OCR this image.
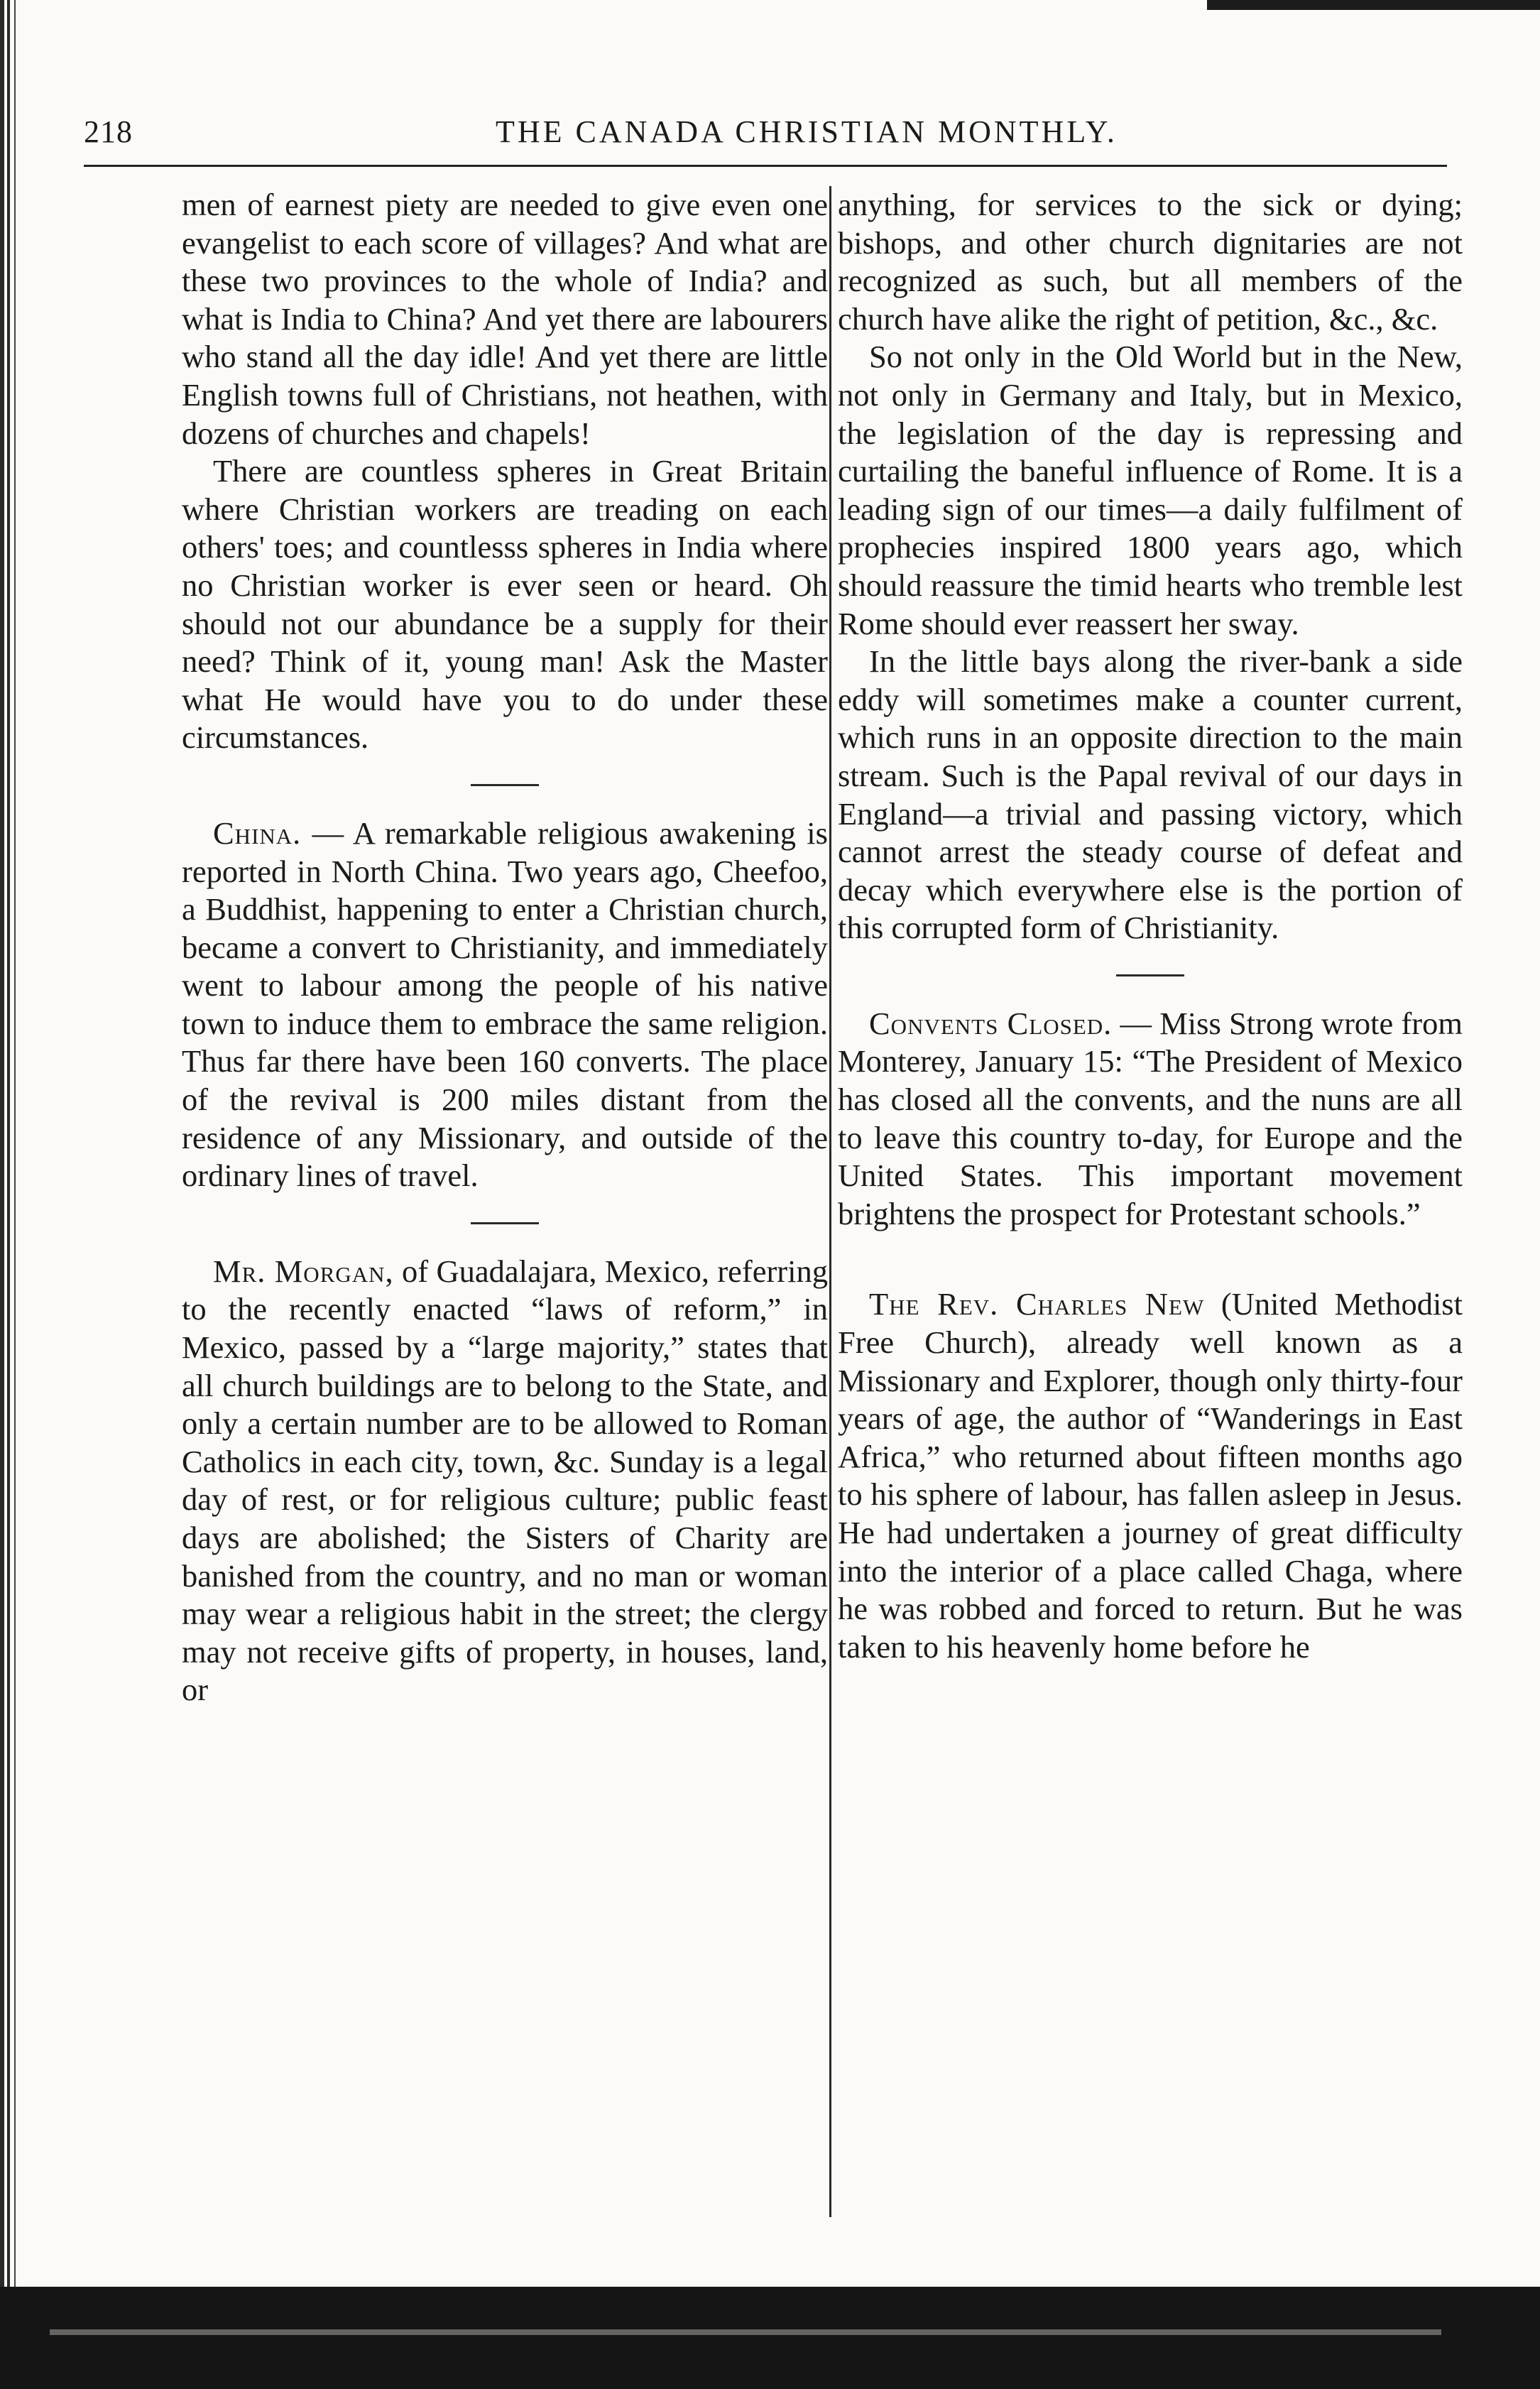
218	THE CANADA CHRISTIAN MONTHLY.

men of earnest piety are needed to give even one evangelist to each score of villages? And what are these two provinces to the whole of India? and what is India to China? And yet there are labourers who stand all the day idle! And yet there are little English towns full of Christians, not heathen, with dozens of churches and chapels!

There are countless spheres in Great Britain where Christian workers are treading on each others' toes; and countlesss spheres in India where no Christian worker is ever seen or heard. Oh should not our abundance be a supply for their need? Think of it, young man! Ask the Master what He would have you to do under these circumstances.

China. — A remarkable religious awakening is reported in North China. Two years ago, Cheefoo, a Buddhist, happening to enter a Christian church, became a convert to Christianity, and immediately went to labour among the people of his native town to induce them to embrace the same religion. Thus far there have been 160 converts. The place of the revival is 200 miles distant from the residence of any Missionary, and outside of the ordinary lines of travel.

Mr. Morgan, of Guadalajara, Mexico, referring to the recently enacted “laws of reform,” in Mexico, passed by a “large majority,” states that all church buildings are to belong to the State, and only a certain number are to be allowed to Roman Catholics in each city, town, &c. Sunday is a legal day of rest, or for religious culture; public feast days are abolished; the Sisters of Charity are banished from the country, and no man or woman may wear a religious habit in the street; the clergy may not receive gifts of property, in houses, land, or

anything, for services to the sick or dying; bishops, and other church dignitaries are not recognized as such, but all members of the church have alike the right of petition, &c., &c.

So not only in the Old World but in the New, not only in Germany and Italy, but in Mexico, the legislation of the day is repressing and curtailing the baneful influence of Rome. It is a leading sign of our times—a daily fulfilment of prophecies inspired 1800 years ago, which should reassure the timid hearts who tremble lest Rome should ever reassert her sway.

In the little bays along the river-bank a side eddy will sometimes make a counter current, which runs in an opposite direction to the main stream. Such is the Papal revival of our days in England—a trivial and passing victory, which cannot arrest the steady course of defeat and decay which everywhere else is the portion of this corrupted form of Christianity.

Convents Closed. — Miss Strong wrote from Monterey, January 15: “The President of Mexico has closed all the convents, and the nuns are all to leave this country to-day, for Europe and the United States. This important movement brightens the prospect for Protestant schools.”

The Rev. Charles New (United Methodist Free Church), already well known as a Missionary and Explorer, though only thirty-four years of age, the author of “Wanderings in East Africa,” who returned about fifteen months ago to his sphere of labour, has fallen asleep in Jesus. He had undertaken a journey of great difficulty into the interior of a place called Chaga, where he was robbed and forced to return. But he was taken to his heavenly home before he
